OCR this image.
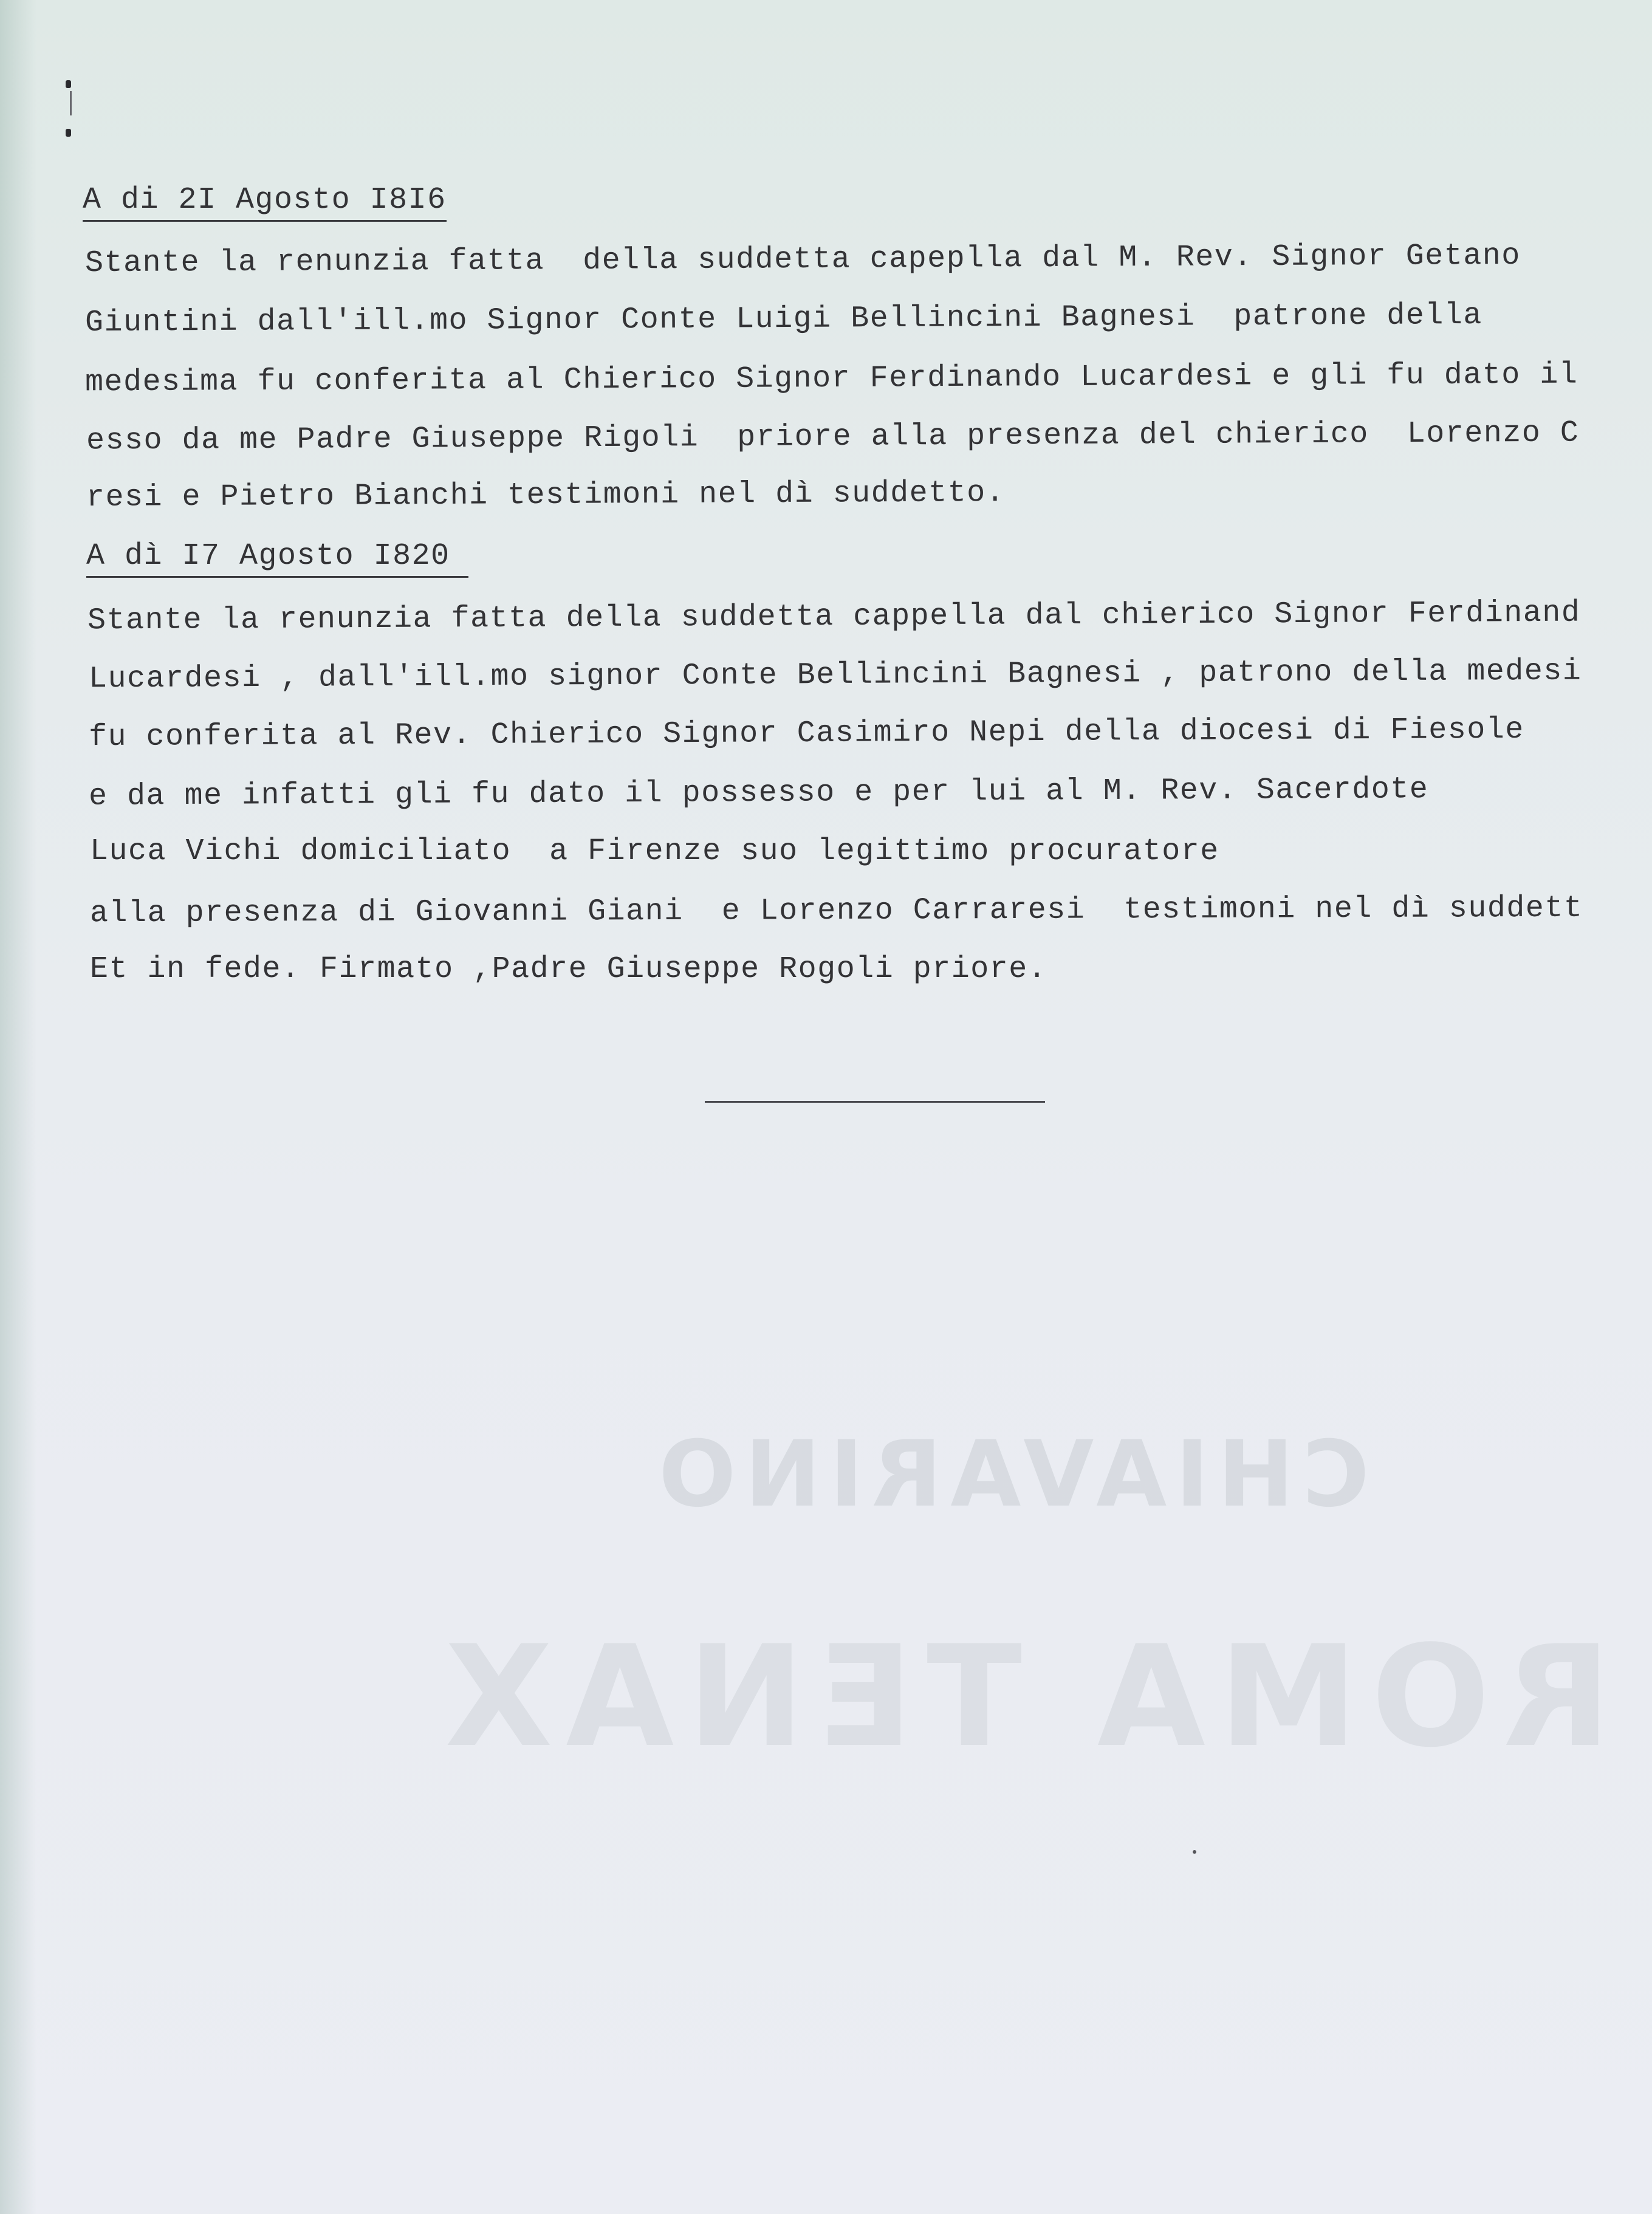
CHIAVARINO
ROMA TENAX
A di 2I Agosto I8I6
Stante la renunzia fatta  della suddetta capeplla dal M. Rev. Signor Getano
Giuntini dall'ill.mo Signor Conte Luigi Bellincini Bagnesi  patrone della
medesima fu conferita al Chierico Signor Ferdinando Lucardesi e gli fu dato il
esso da me Padre Giuseppe Rigoli  priore alla presenza del chierico  Lorenzo C
resi e Pietro Bianchi testimoni nel dì suddetto.
A dì I7 Agosto I820
Stante la renunzia fatta della suddetta cappella dal chierico Signor Ferdinand
Lucardesi , dall'ill.mo signor Conte Bellincini Bagnesi , patrono della medesi
fu conferita al Rev. Chierico Signor Casimiro Nepi della diocesi di Fiesole
e da me infatti gli fu dato il possesso e per lui al M. Rev. Sacerdote
Luca Vichi domiciliato  a Firenze suo legittimo procuratore
alla presenza di Giovanni Giani  e Lorenzo Carraresi  testimoni nel dì suddett
Et in fede. Firmato ,Padre Giuseppe Rogoli priore.
